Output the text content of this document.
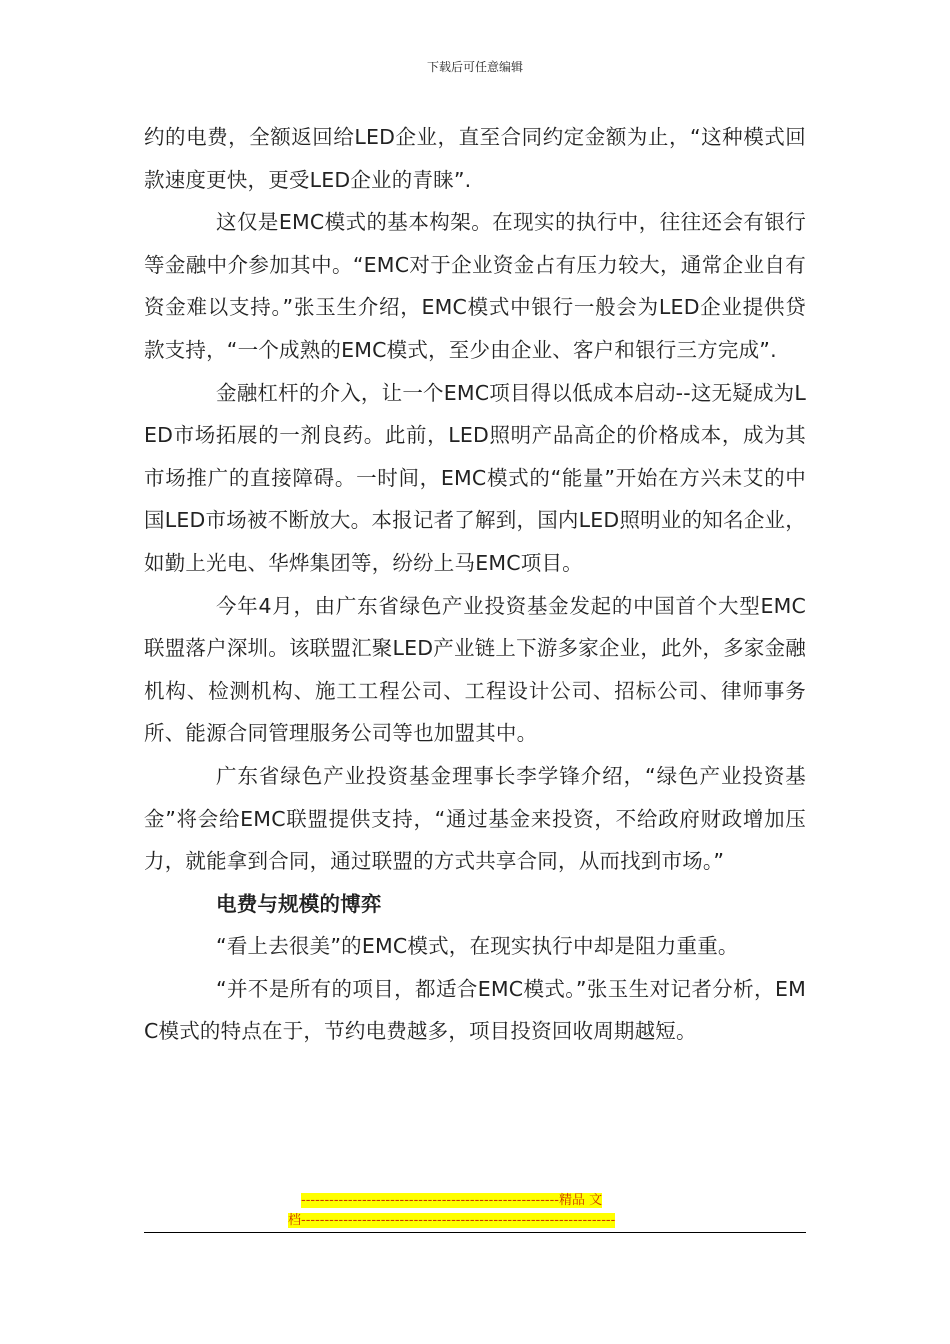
下载后可任意编辑

约的电费，全额返回给LED企业，直至合同约定金额为止，“这种模式回款速度更快，更受LED企业的青睐”.

这仅是EMC模式的基本构架。在现实的执行中，往往还会有银行等金融中介参加其中。“EMC对于企业资金占有压力较大，通常企业自有资金难以支持。”张玉生介绍，EMC模式中银行一般会为LED企业提供贷款支持，“一个成熟的EMC模式，至少由企业、客户和银行三方完成”.

金融杠杆的介入，让一个EMC项目得以低成本启动--这无疑成为LED市场拓展的一剂良药。此前，LED照明产品高企的价格成本，成为其市场推广的直接障碍。一时间，EMC模式的“能量”开始在方兴未艾的中国LED市场被不断放大。本报记者了解到，国内LED照明业的知名企业，如勤上光电、华烨集团等，纷纷上马EMC项目。

今年4月，由广东省绿色产业投资基金发起的中国首个大型EMC联盟落户深圳。该联盟汇聚LED产业链上下游多家企业，此外，多家金融机构、检测机构、施工工程公司、工程设计公司、招标公司、律师事务所、能源合同管理服务公司等也加盟其中。

广东省绿色产业投资基金理事长李学锋介绍，“绿色产业投资基金”将会给EMC联盟提供支持，“通过基金来投资，不给政府财政增加压力，就能拿到合同，通过联盟的方式共享合同，从而找到市场。”

电费与规模的博弈

“看上去很美”的EMC模式，在现实执行中却是阻力重重。

“并不是所有的项目，都适合EMC模式。”张玉生对记者分析，EMC模式的特点在于，节约电费越多，项目投资回收周期越短。

-------------------------------------------------------精品 文
档-------------------------------------------------------------------
